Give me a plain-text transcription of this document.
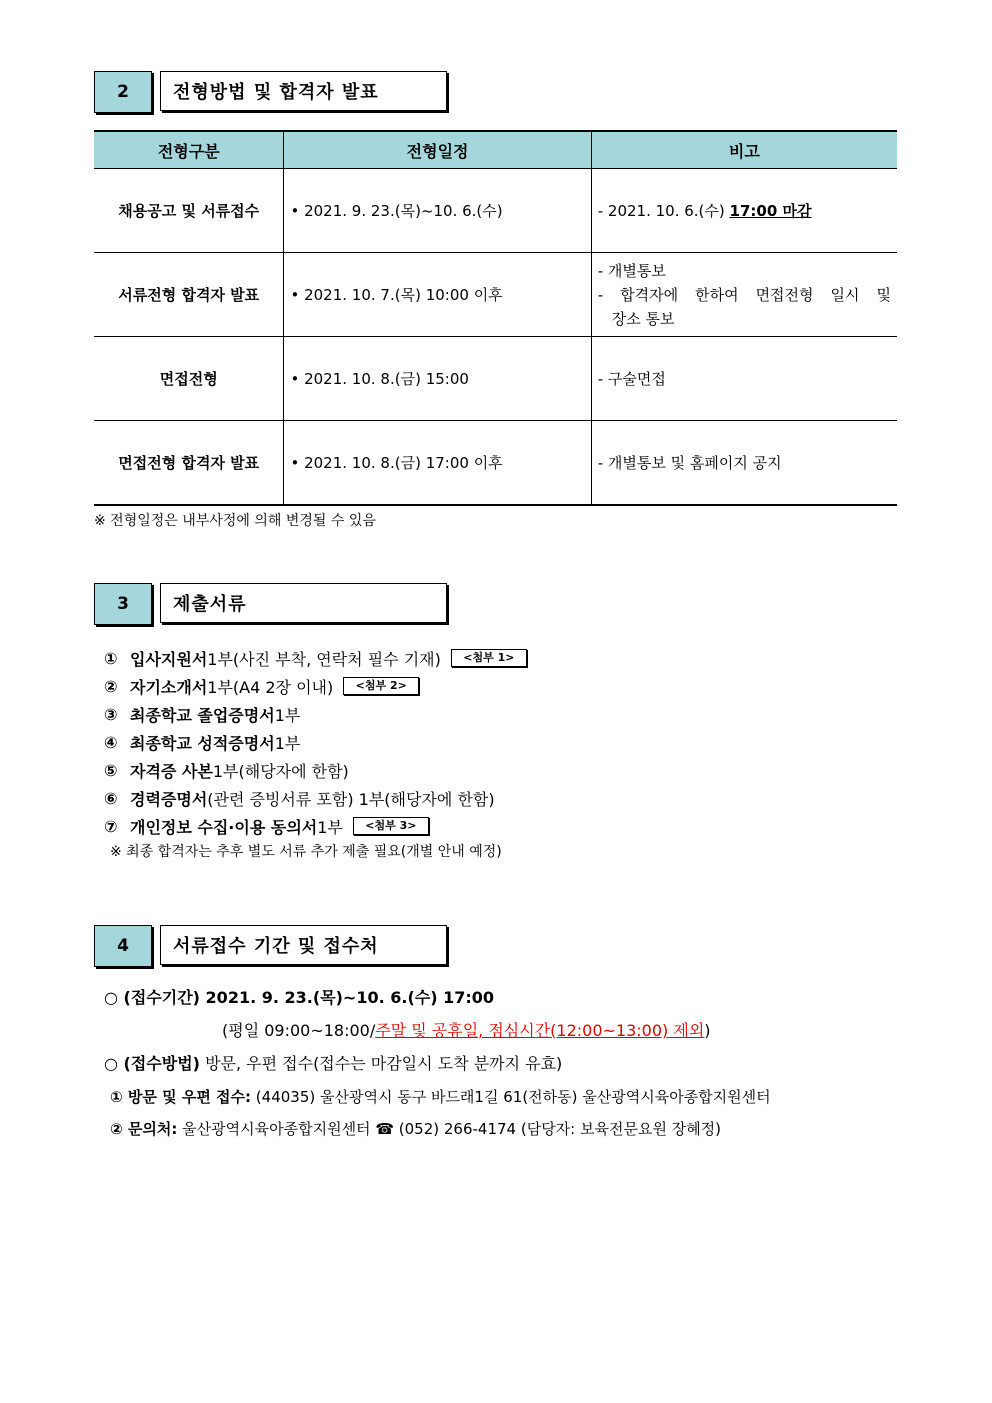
2	전형방법 및 합격자 발표
전형구분	전형일정	비고
채용공고 및 서류접수	• 2021. 9. 23.(목)~10. 6.(수)	- 2021. 10. 6.(수) 17:00 마감

서류전형 합격자 발표	• 2021. 10. 7.(목) 10:00 이후	- 개별통보
- 합격자에 한하여 면접전형 일시 및
장소 통보

면접전형	• 2021. 10. 8.(금) 15:00	- 구술면접

면접전형 합격자 발표	• 2021. 10. 8.(금) 17:00 이후	- 개별통보 및 홈페이지 공지
※ 전형일정은 내부사정에 의해 변경될 수 있음
3	제출서류
① 입사지원서 1부(사진 부착, 연락처 필수 기재)	<첨부 1>
② 자기소개서 1부(A4 2장 이내)	<첨부 2>
③ 최종학교 졸업증명서 1부
④ 최종학교 성적증명서 1부
⑤ 자격증 사본 1부(해당자에 한함)
⑥ 경력증명서 (관련 증빙서류 포함) 1부(해당자에 한함)
⑦ 개인정보 수집·이용 동의서 1부	<첨부 3>
※ 최종 합격자는 추후 별도 서류 추가 제출 필요(개별 안내 예정)
4	서류접수 기간 및 접수처
○ (접수기간) 2021. 9. 23.(목)~10. 6.(수) 17:00
(평일 09:00~18:00/주말 및 공휴일, 점심시간(12:00~13:00) 제외)
○ (접수방법) 방문, 우편 접수(접수는 마감일시 도착 분까지 유효)
① 방문 및 우편 접수: (44035) 울산광역시 동구 바드래1길 61(전하동) 울산광역시육아종합지원센터
② 문의처: 울산광역시육아종합지원센터 ☎ (052) 266-4174 (담당자: 보육전문요원 장혜정)
